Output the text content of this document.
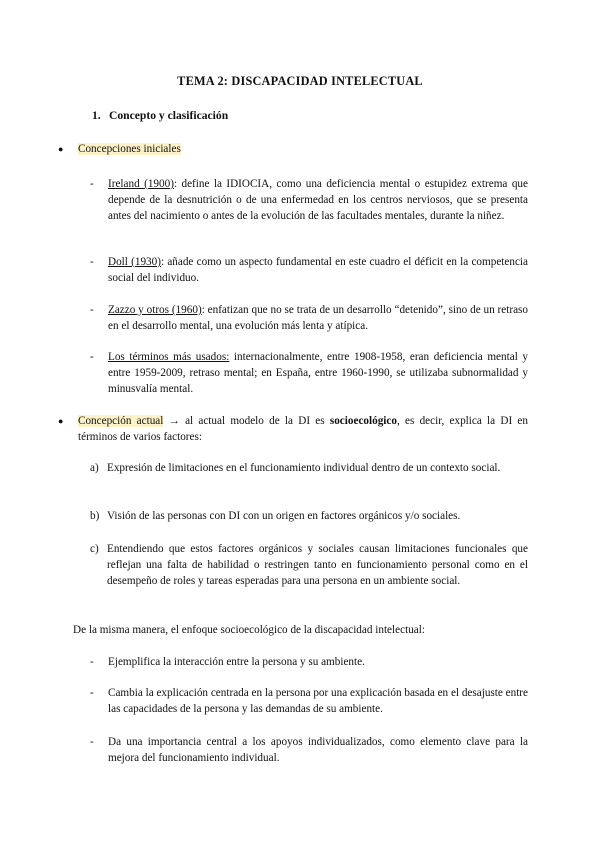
TEMA 2: DISCAPACIDAD INTELECTUAL
1. Concepto y clasificación
●	Concepciones iniciales
-	Ireland (1900): define la IDIOCIA, como una deficiencia mental o estupidez extrema que depende de la desnutrición o de una enfermedad en los centros nerviosos, que se presenta antes del nacimiento o antes de la evolución de las facultades mentales, durante la niñez.
-	Doll (1930): añade como un aspecto fundamental en este cuadro el déficit en la competencia social del individuo.
-	Zazzo y otros (1960): enfatizan que no se trata de un desarrollo “detenido”, sino de un retraso en el desarrollo mental, una evolución más lenta y atípica.
-	Los términos más usados: internacionalmente, entre 1908-1958, eran deficiencia mental y entre 1959-2009, retraso mental; en España, entre 1960-1990, se utilizaba subnormalidad y minusvalía mental.
●	Concepción actual → al actual modelo de la DI es socioecológico, es decir, explica la DI en términos de varios factores:
a) Expresión de limitaciones en el funcionamiento individual dentro de un contexto social.
b) Visión de las personas con DI con un origen en factores orgánicos y/o sociales.
c) Entendiendo que estos factores orgánicos y sociales causan limitaciones funcionales que reflejan una falta de habilidad o restringen tanto en funcionamiento personal como en el desempeño de roles y tareas esperadas para una persona en un ambiente social.
De la misma manera, el enfoque socioecológico de la discapacidad intelectual:
-	Ejemplifica la interacción entre la persona y su ambiente.
-	Cambia la explicación centrada en la persona por una explicación basada en el desajuste entre las capacidades de la persona y las demandas de su ambiente.
-	Da una importancia central a los apoyos individualizados, como elemento clave para la mejora del funcionamiento individual.
